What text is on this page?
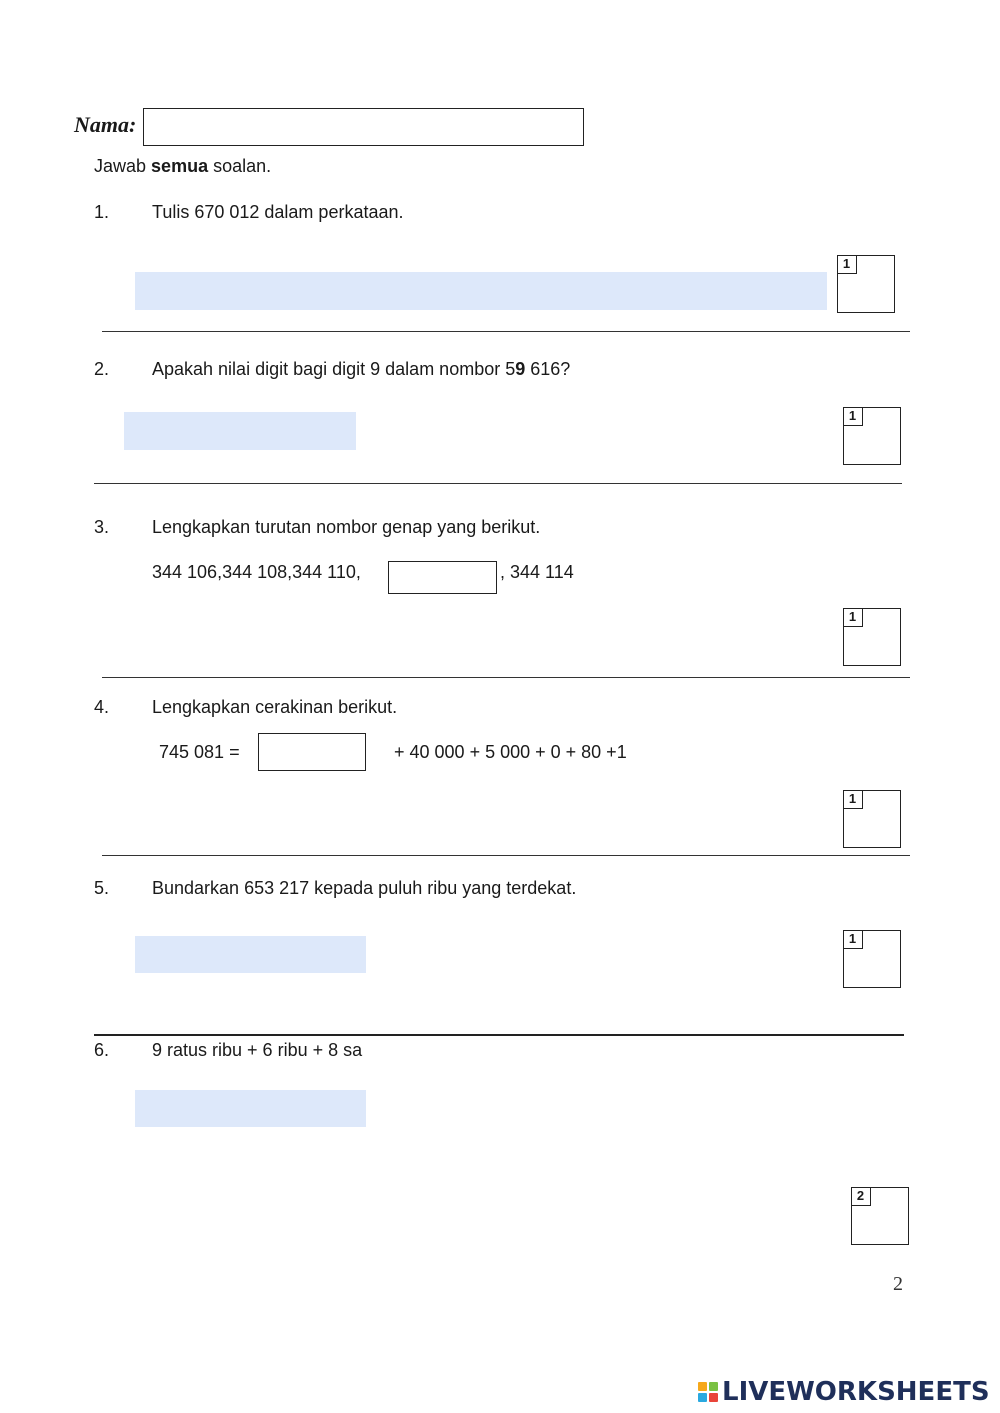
Nama:
Jawab semua soalan.
1. Tulis 670 012 dalam perkataan.
1
2. Apakah nilai digit bagi digit 9 dalam nombor 59 616?
1
3. Lengkapkan turutan nombor genap yang berikut.
344 106,344 108,344 110,	, 344 114
1
4. Lengkapkan cerakinan berikut.
745 081 =	+ 40 000 + 5 000 + 0 + 80 +1
1
5. Bundarkan 653 217 kepada puluh ribu yang terdekat.
1
6. 9 ratus ribu + 6 ribu + 8 sa
2
2
LIVEWORKSHEETS
